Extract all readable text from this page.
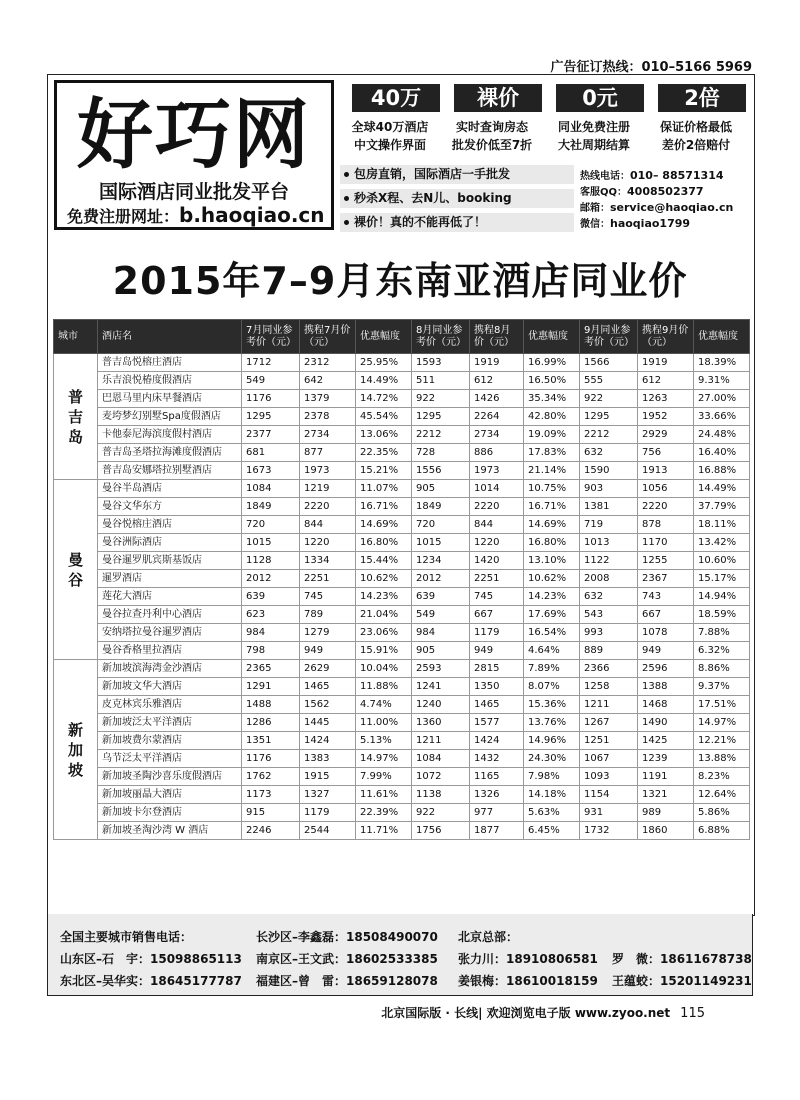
广告征订热线：010–5166 5969
好巧网
国际酒店同业批发平台
免费注册网址：b.haoqiao.cn
40万
全球40万酒店
中文操作界面
裸价
实时查询房态
批发价低至7折
0元
同业免费注册
大社周期结算
2倍
保证价格最低
差价2倍赔付
包房直销，国际酒店一手批发
秒杀X程、去N儿、booking
裸价！真的不能再低了！
热线电话：010– 88571314
客服QQ：4008502377
邮箱：service@haoqiao.cn
微信：haoqiao1799
2015年7–9月东南亚酒店同业价
城市	酒店名	7月同业参考价（元）	携程7月价（元）	优惠幅度	8月同业参考价（元）	携程8月价（元）	优惠幅度	9月同业参考价（元）	携程9月价（元）	优惠幅度
普吉岛	普吉岛悦榕庄酒店	1712	2312	25.95%	1593	1919	16.99%	1566	1919	18.39%
	乐吉浪悦椿度假酒店	549	642	14.49%	511	612	16.50%	555	612	9.31%
	巴恩马里内床早餐酒店	1176	1379	14.72%	922	1426	35.34%	922	1263	27.00%
	麦垮梦幻别墅Spa度假酒店	1295	2378	45.54%	1295	2264	42.80%	1295	1952	33.66%
	卡他泰尼海滨度假村酒店	2377	2734	13.06%	2212	2734	19.09%	2212	2929	24.48%
	普吉岛圣塔拉海滩度假酒店	681	877	22.35%	728	886	17.83%	632	756	16.40%
	普吉岛安娜塔拉别墅酒店	1673	1973	15.21%	1556	1973	21.14%	1590	1913	16.88%
曼谷	曼谷半岛酒店	1084	1219	11.07%	905	1014	10.75%	903	1056	14.49%
	曼谷文华东方	1849	2220	16.71%	1849	2220	16.71%	1381	2220	37.79%
	曼谷悦榕庄酒店	720	844	14.69%	720	844	14.69%	719	878	18.11%
	曼谷洲际酒店	1015	1220	16.80%	1015	1220	16.80%	1013	1170	13.42%
	曼谷暹罗肌宾斯基饭店	1128	1334	15.44%	1234	1420	13.10%	1122	1255	10.60%
	暹罗酒店	2012	2251	10.62%	2012	2251	10.62%	2008	2367	15.17%
	莲花大酒店	639	745	14.23%	639	745	14.23%	632	743	14.94%
	曼谷拉查丹利中心酒店	623	789	21.04%	549	667	17.69%	543	667	18.59%
	安纳塔拉曼谷暹罗酒店	984	1279	23.06%	984	1179	16.54%	993	1078	7.88%
	曼谷香格里拉酒店	798	949	15.91%	905	949	4.64%	889	949	6.32%
新加坡	新加坡滨海湾金沙酒店	2365	2629	10.04%	2593	2815	7.89%	2366	2596	8.86%
	新加坡文华大酒店	1291	1465	11.88%	1241	1350	8.07%	1258	1388	9.37%
	皮克林宾乐雅酒店	1488	1562	4.74%	1240	1465	15.36%	1211	1468	17.51%
	新加坡泛太平洋酒店	1286	1445	11.00%	1360	1577	13.76%	1267	1490	14.97%
	新加坡费尔蒙酒店	1351	1424	5.13%	1211	1424	14.96%	1251	1425	12.21%
	乌节泛太平洋酒店	1176	1383	14.97%	1084	1432	24.30%	1067	1239	13.88%
	新加坡圣陶沙喜乐度假酒店	1762	1915	7.99%	1072	1165	7.98%	1093	1191	8.23%
	新加坡丽晶大酒店	1173	1327	11.61%	1138	1326	14.18%	1154	1321	12.64%
	新加坡卡尔登酒店	915	1179	22.39%	922	977	5.63%	931	989	5.86%
	新加坡圣淘沙湾 W 酒店	2246	2544	11.71%	1756	1877	6.45%	1732	1860	6.88%
全国主要城市销售电话：	长沙区–李鑫磊：18508490070 北京总部：
山东区–石　宇：15098865113 南京区–王文武：18602533385 张力川：18910806581 罗　微：18611678738
东北区–吴华实：18645177787 福建区–曾　雷：18659128078 姜银梅：18610018159 王蕴蛟：15201149231
北京国际版 · 长线| 欢迎浏览电子版 www.zyoo.net 115
